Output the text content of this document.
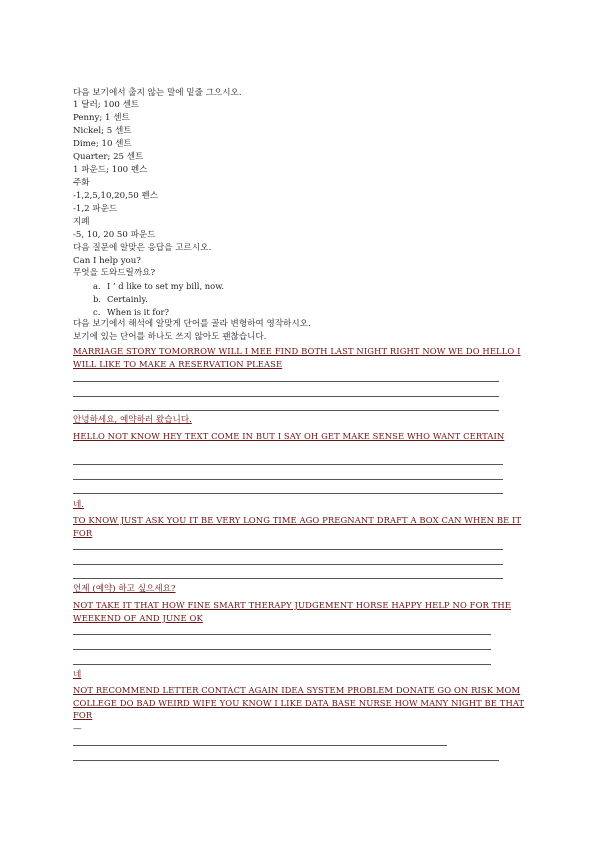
다음 보기에서 출지 않는 말에 밑줄 그으시오.
1 달러; 100 센트
Penny; 1 센트
Nickel; 5 센트
Dime; 10 센트
Quarter; 25 센트
1 파운드; 100 펜스
주화
-1,2,5,10,20,50 펜스
-1,2 파운드
지폐
-5, 10, 20 50 파운드
다음 질문에 알맞은 응답을 고르시오.
Can I help you?
무엇을 도와드릴까요?
a. I ’ d like to set my bill, now.
b. Certainly.
c. When is it for?
다음 보기에서 해석에 알맞게 단어를 골라 변형하여 영작하시오.
보기에 있는 단어를 하나도 쓰지 않아도 괜찮습니다.
MARRIAGE STORY TOMORROW WILL I MEE FIND BOTH LAST NIGHT RIGHT NOW WE DO HELLO I WILL LIKE TO MAKE A RESERVATION PLEASE
안녕하세요, 예약하러 왔습니다.
HELLO NOT KNOW HEY TEXT COME IN BUT I SAY OH GET MAKE SENSE WHO WANT CERTAIN
네.
TO KNOW JUST ASK YOU IT BE VERY LONG TIME AGO PREGNANT DRAFT A BOX CAN WHEN BE IT FOR
언제 (예약) 하고 싶으세요?
NOT TAKE IT THAT HOW FINE SMART THERAPY JUDGEMENT HORSE HAPPY HELP NO FOR THE WEEKEND OF AND JUNE OK
네
NOT RECOMMEND LETTER CONTACT AGAIN IDEA SYSTEM PROBLEM DONATE GO ON RISK MOM COLLEGE DO BAD WEIRD WIFE YOU KNOW I LIKE DATA BASE NURSE HOW MANY NIGHT BE THAT FOR
—
